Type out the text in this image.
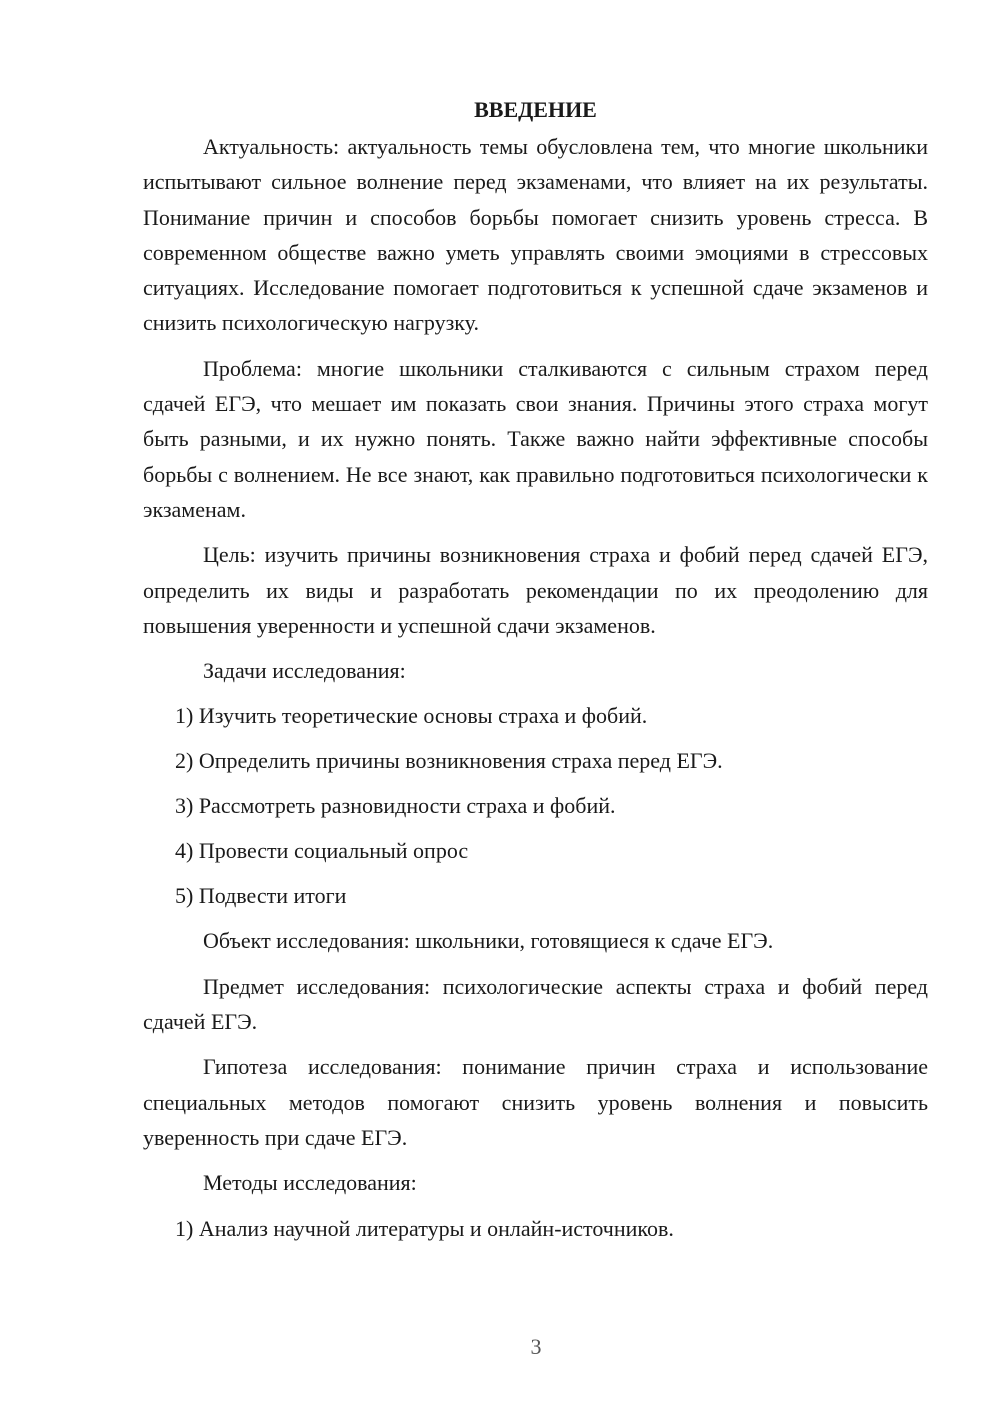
ВВЕДЕНИЕ

Актуальность: актуальность темы обусловлена тем, что многие школьники испытывают сильное волнение перед экзаменами, что влияет на их результаты. Понимание причин и способов борьбы помогает снизить уровень стресса. В современном обществе важно уметь управлять своими эмоциями в стрессовых ситуациях. Исследование помогает подготовиться к успешной сдаче экзаменов и снизить психологическую нагрузку.

Проблема: многие школьники сталкиваются с сильным страхом перед сдачей ЕГЭ, что мешает им показать свои знания. Причины этого страха могут быть разными, и их нужно понять. Также важно найти эффективные способы борьбы с волнением. Не все знают, как правильно подготовиться психологически к экзаменам.

Цель: изучить причины возникновения страха и фобий перед сдачей ЕГЭ, определить их виды и разработать рекомендации по их преодолению для повышения уверенности и успешной сдачи экзаменов.

Задачи исследования:

1) Изучить теоретические основы страха и фобий.
2) Определить причины возникновения страха перед ЕГЭ.
3) Рассмотреть разновидности страха и фобий.
4) Провести социальный опрос
5) Подвести итоги

Объект исследования: школьники, готовящиеся к сдаче ЕГЭ.

Предмет исследования: психологические аспекты страха и фобий перед сдачей ЕГЭ.

Гипотеза исследования: понимание причин страха и использование специальных методов помогают снизить уровень волнения и повысить уверенность при сдаче ЕГЭ.

Методы исследования:

1) Анализ научной литературы и онлайн-источников.
3
